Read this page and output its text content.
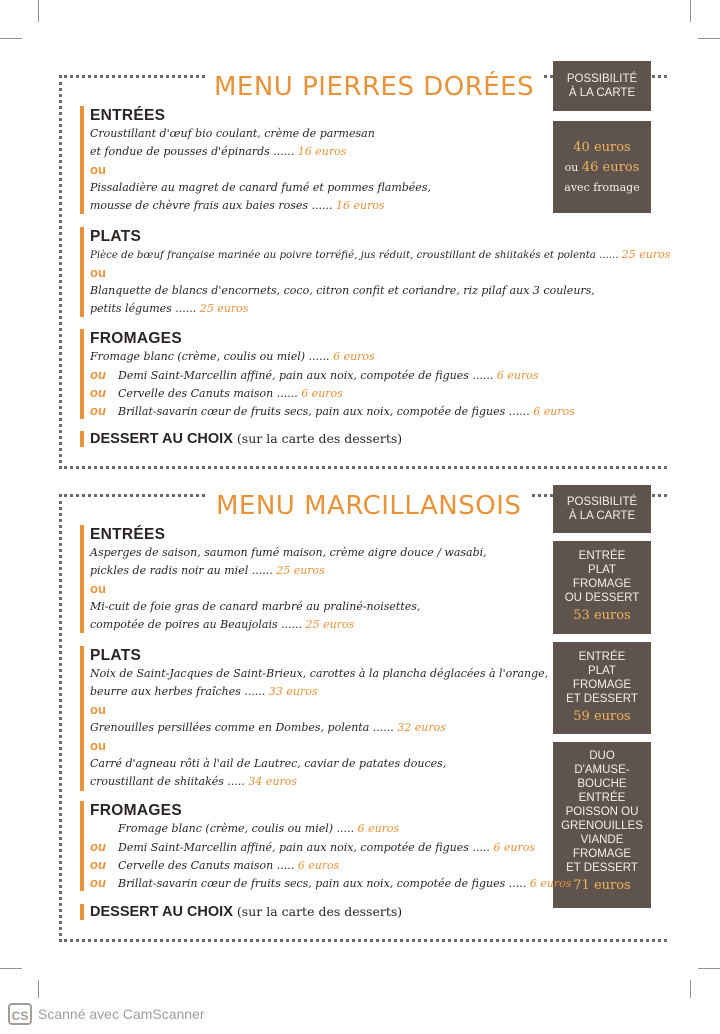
MENU PIERRES DORÉES	POSSIBILITÉ
À LA CARTE
40 euros
ou 46 euros
avec fromage
ENTRÉES
Croustillant d'œuf bio coulant, crème de parmesan
et fondue de pousses d'épinards ...... 16 euros
ou
Pissaladière au magret de canard fumé et pommes flambées,
mousse de chèvre frais aux baies roses ...... 16 euros
PLATS
Pièce de bœuf française marinée au poivre torréfié, jus réduit, croustillant de shiitakés et polenta ...... 25 euros
ou
Blanquette de blancs d'encornets, coco, citron confit et coriandre, riz pilaf aux 3 couleurs,
petits légumes ...... 25 euros
FROMAGES
Fromage blanc (crème, coulis ou miel) ...... 6 euros
ou Demi Saint-Marcellin affiné, pain aux noix, compotée de figues ...... 6 euros
ou Cervelle des Canuts maison ...... 6 euros
ou Brillat-savarin cœur de fruits secs, pain aux noix, compotée de figues ...... 6 euros
DESSERT AU CHOIX (sur la carte des desserts)
MENU MARCILLANSOIS	POSSIBILITÉ
À LA CARTE
ENTRÉE
PLAT
FROMAGE
OU DESSERT
53 euros
ENTRÉE
PLAT
FROMAGE
ET DESSERT
59 euros
DUO
D'AMUSE-
BOUCHE
ENTRÉE
POISSON OU
GRENOUILLES
VIANDE
FROMAGE
ET DESSERT
71 euros
ENTRÉES
Asperges de saison, saumon fumé maison, crème aigre douce / wasabi,
pickles de radis noir au miel ...... 25 euros
ou
Mi-cuit de foie gras de canard marbré au praliné-noisettes,
compotée de poires au Beaujolais ...... 25 euros
PLATS
Noix de Saint-Jacques de Saint-Brieux, carottes à la plancha déglacées à l'orange,
beurre aux herbes fraîches ...... 33 euros
ou
Grenouilles persillées comme en Dombes, polenta ...... 32 euros
ou
Carré d'agneau rôti à l'ail de Lautrec, caviar de patates douces,
croustillant de shiitakés ..... 34 euros
FROMAGES
Fromage blanc (crème, coulis ou miel) ..... 6 euros
ou Demi Saint-Marcellin affiné, pain aux noix, compotée de figues ..... 6 euros
ou Cervelle des Canuts maison ..... 6 euros
ou Brillat-savarin cœur de fruits secs, pain aux noix, compotée de figues ..... 6 euros
DESSERT AU CHOIX (sur la carte des desserts)
CS Scanné avec CamScanner
